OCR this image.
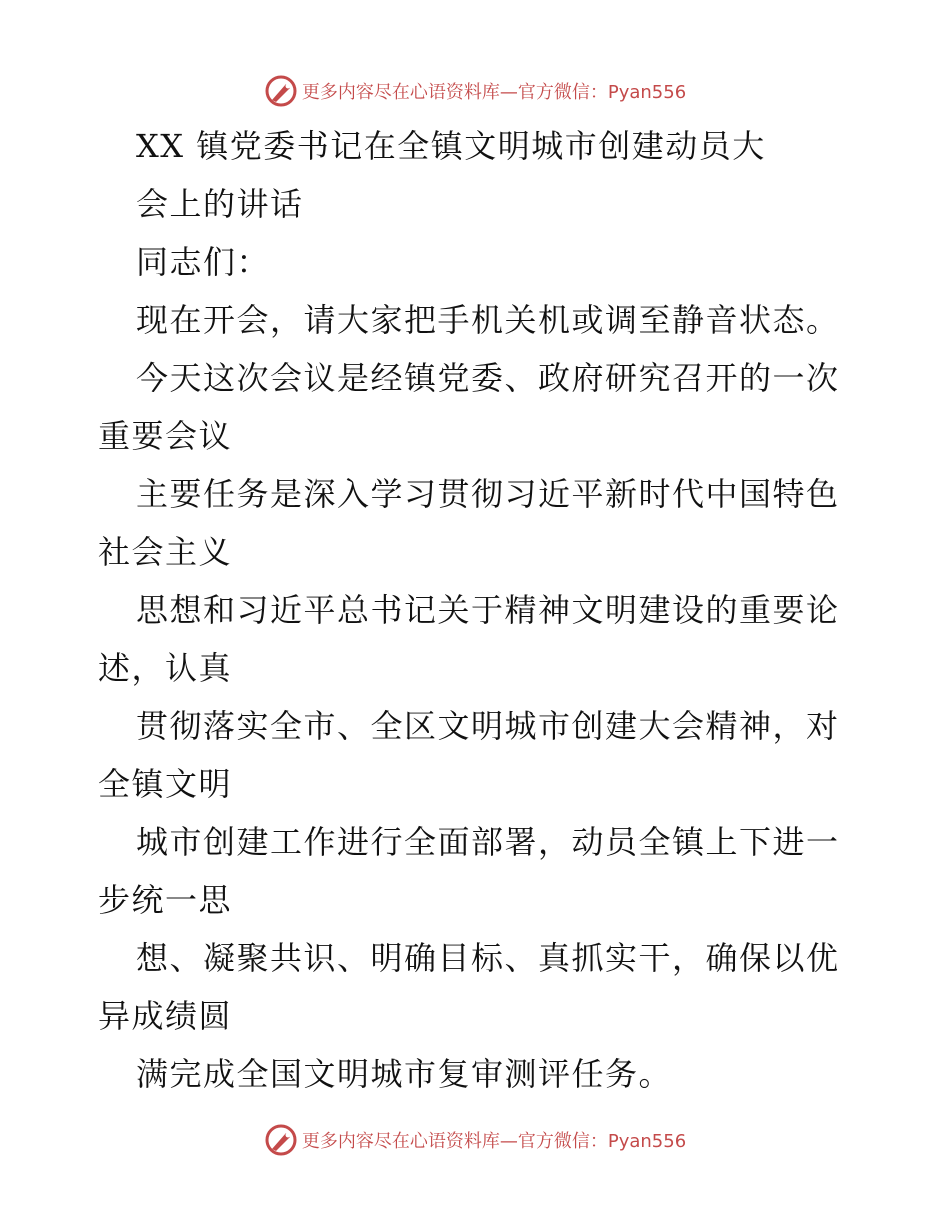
更多内容尽在心语资料库—官方微信：Pyan556
XX 镇党委书记在全镇文明城市创建动员大
会上的讲话
同志们：
现在开会，请大家把手机关机或调至静音状态。
今天这次会议是经镇党委、政府研究召开的一次
重要会议
主要任务是深入学习贯彻习近平新时代中国特色
社会主义
思想和习近平总书记关于精神文明建设的重要论
述，认真
贯彻落实全市、全区文明城市创建大会精神，对
全镇文明
城市创建工作进行全面部署，动员全镇上下进一
步统一思
想、凝聚共识、明确目标、真抓实干，确保以优
异成绩圆
满完成全国文明城市复审测评任务。
更多内容尽在心语资料库—官方微信：Pyan556
